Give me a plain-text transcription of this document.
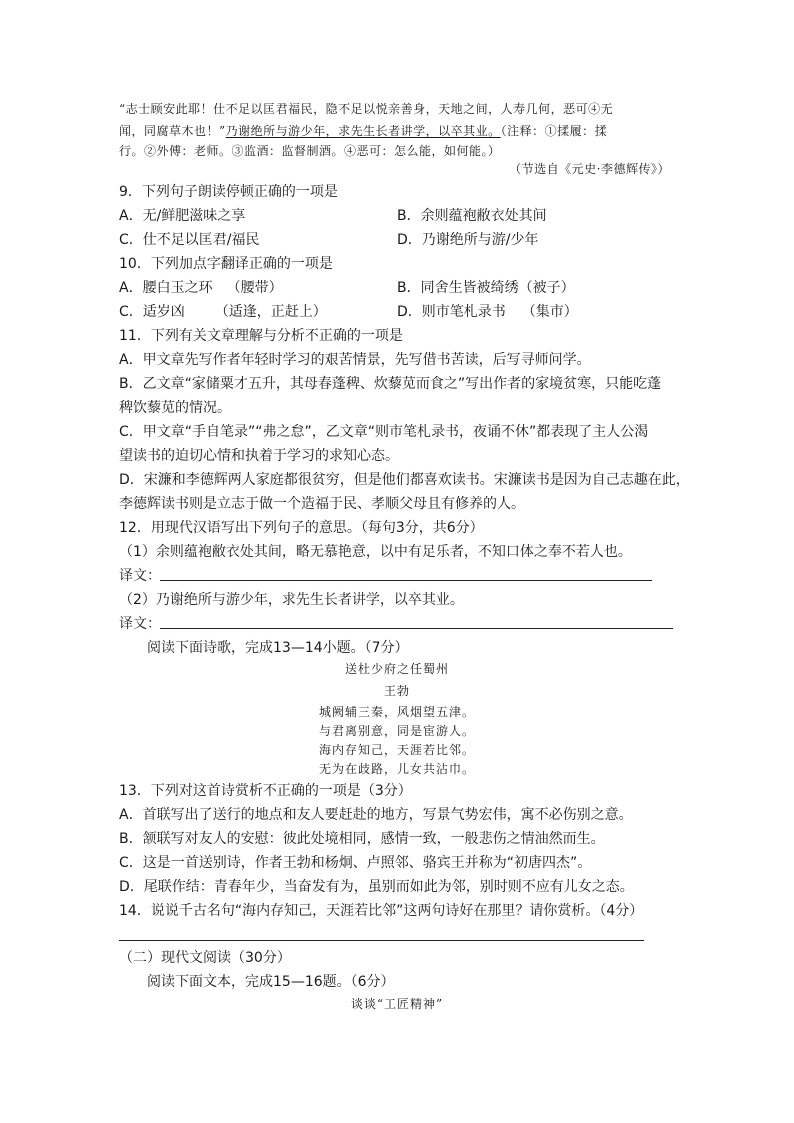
“志士顾安此耶！仕不足以匡君福民，隐不足以悦亲善身，天地之间，人寿几何，恶可④无
闻，同腐草木也！”乃谢绝所与游少年，求先生长者讲学，以卒其业。（注释：①揉履：揉
行。②外傅：老师。③监酒：监督制酒。④恶可：怎么能，如何能。）
（节选自《元史·李德辉传》）
9．下列句子朗读停顿正确的一项是
A．无/鲜肥滋味之享	B．余则蕴袍敝衣处其间
C．仕不足以匡君/福民	D．乃谢绝所与游/少年
10．下列加点字翻译正确的一项是
A．腰白玉之环 （腰带）	B．同舍生皆被绮绣（被子）
C．适岁凶 （适逢，正赶上）	D．则市笔札录书 （集市）
11．下列有关文章理解与分析不正确的一项是
A．甲文章先写作者年轻时学习的艰苦情景，先写借书苦读，后写寻师问学。
B．乙文章“家储粟才五升，其母春蓬稗、炊藜苋而食之”写出作者的家境贫寒，只能吃蓬
稗饮藜苋的情况。
C．甲文章“手自笔录”“弗之怠”，乙文章“则市笔札录书，夜诵不休”都表现了主人公渴
望读书的迫切心情和执着于学习的求知心态。
D．宋濂和李德辉两人家庭都很贫穷，但是他们都喜欢读书。宋濂读书是因为自己志趣在此，
李德辉读书则是立志于做一个造福于民、孝顺父母且有修养的人。
12．用现代汉语写出下列句子的意思。（每句3分，共6分）
（1）余则蕴袍敝衣处其间，略无慕艳意，以中有足乐者，不知口体之奉不若人也。
译文：
（2）乃谢绝所与游少年，求先生长者讲学，以卒其业。
译文：
阅读下面诗歌，完成13—14小题。（7分）
送杜少府之任蜀州
王勃
城阙辅三秦，风烟望五津。
与君离别意，同是宦游人。
海内存知己，天涯若比邻。
无为在歧路，儿女共沾巾。
13．下列对这首诗赏析不正确的一项是（3分）
A．首联写出了送行的地点和友人要赶赴的地方，写景气势宏伟，寓不必伤别之意。
B．颔联写对友人的安慰：彼此处境相同，感情一致，一般悲伤之情油然而生。
C．这是一首送别诗，作者王勃和杨炯、卢照邻、骆宾王并称为“初唐四杰”。
D．尾联作结：青春年少，当奋发有为，虽别而如此为邻，别时则不应有儿女之态。
14．说说千古名句“海内存知己，天涯若比邻”这两句诗好在那里？请你赏析。（4分）
（二）现代文阅读（30分）
阅读下面文本，完成15—16题。（6分）
谈谈“工匠精神”
